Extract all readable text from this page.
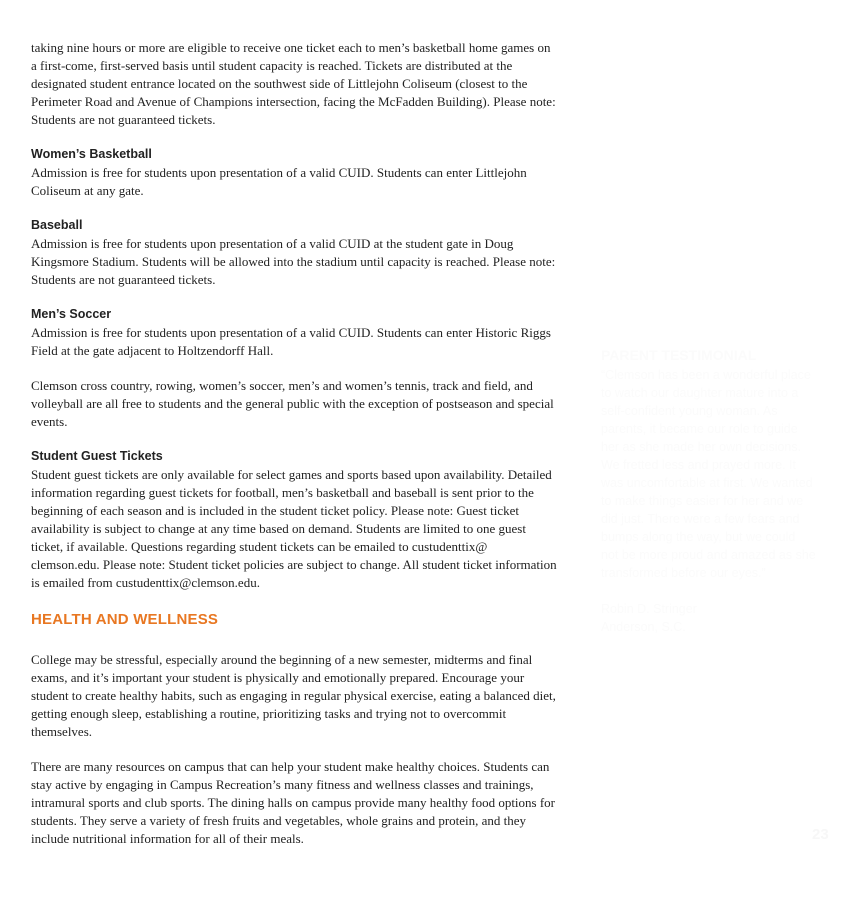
taking nine hours or more are eligible to receive one ticket each to men’s basketball home games on a first-come, first-served basis until student capacity is reached. Tickets are distributed at the designated student entrance located on the southwest side of Littlejohn Coliseum (closest to the Perimeter Road and Avenue of Champions intersection, facing the McFadden Building). Please note: Students are not guaranteed tickets.

Women’s Basketball

Admission is free for students upon presentation of a valid CUID. Students can enter Littlejohn Coliseum at any gate.

Baseball

Admission is free for students upon presentation of a valid CUID at the student gate in Doug Kingsmore Stadium. Students will be allowed into the stadium until capacity is reached. Please note: Students are not guaranteed tickets.

Men’s Soccer

Admission is free for students upon presentation of a valid CUID. Students can enter Historic Riggs Field at the gate adjacent to Holtzendorff Hall.

Clemson cross country, rowing, women’s soccer, men’s and women’s tennis, track and field, and volleyball are all free to students and the general public with the exception of postseason and special events.

Student Guest Tickets

Student guest tickets are only available for select games and sports based upon availability. Detailed information regarding guest tickets for football, men’s basketball and baseball is sent prior to the beginning of each season and is included in the student ticket policy. Please note: Guest ticket availability is subject to change at any time based on demand. Students are limited to one guest ticket, if available. Questions regarding student tickets can be emailed to custudenttix@ clemson.edu. Please note: Student ticket policies are subject to change. All student ticket information is emailed from custudenttix@clemson.edu.

HEALTH AND WELLNESS

College may be stressful, especially around the beginning of a new semester, midterms and final exams, and it’s important your student is physically and emotionally prepared. Encourage your student to create healthy habits, such as engaging in regular physical exercise, eating a balanced diet, getting enough sleep, establishing a routine, prioritizing tasks and trying not to overcommit themselves.

There are many resources on campus that can help your student make healthy choices. Students can stay active by engaging in Campus Recreation’s many fitness and wellness classes and trainings, intramural sports and club sports. The dining halls on campus provide many healthy food options for students. They serve a variety of fresh fruits and vegetables, whole grains and protein, and they include nutritional information for all of their meals.

PARENT TESTIMONIAL

“Clemson has been a wonderful place to watch our daughter mature into a self-confident young woman. As parents, it became our role to guide her as she made her own decisions. We fretted less and prayed more. It was uncomfortable at first. We wanted to make things easier for her and we did just. There were a few fears and bumps along the way, but we could not be more proud and amazed as she transformed before our eyes.”

Robin D. Stringer

Anderson, S.C.

23
